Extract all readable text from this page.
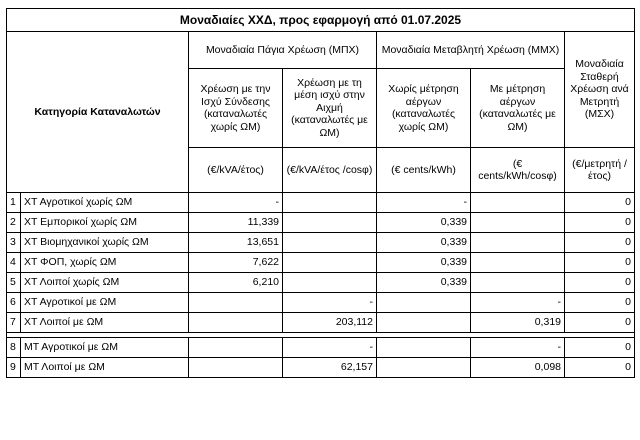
Μοναδιαίες ΧΧΔ, προς εφαρμογή από 01.07.2025						
Κατηγορία Καταναλωτών		Μοναδιαία Πάγια Χρέωση (ΜΠΧ)		Μοναδιαία Μεταβλητή Χρέωση (ΜΜΧ)		Μοναδιαία Σταθερή Χρέωση ανά Μετρητή (ΜΣΧ)
		Χρέωση με την Ισχύ Σύνδεσης (καταναλωτές χωρίς ΩΜ)	Χρέωση με τη μέση ισχύ στην Αιχμή (καταναλωτές με ΩΜ)	Χωρίς μέτρηση αέργων (καταναλωτές χωρίς ΩΜ)	Με μέτρηση αέργων (καταναλωτές με ΩΜ)	
		(€/kVA/έτος)	(€/kVA/έτος /cosφ)	(€ cents/kWh)	(€ cents/kWh/cosφ)	(€/μετρητή / έτος)
1	ΧΤ Αγροτικοί χωρίς ΩΜ	-		-		0
2	ΧΤ Εμπορικοί χωρίς ΩΜ	11,339		0,339		0
3	ΧΤ Βιομηχανικοί χωρίς ΩΜ	13,651		0,339		0
4	ΧΤ ΦΟΠ, χωρίς ΩΜ	7,622		0,339		0
5	ΧΤ Λοιποί χωρίς ΩΜ	6,210		0,339		0
6	ΧΤ Αγροτικοί με ΩΜ		-		-	0
7	ΧΤ Λοιποί με ΩΜ		203,112		0,319	0

8	ΜΤ Αγροτικοί με ΩΜ		-		-	0
9	ΜΤ Λοιποί με ΩΜ		62,157		0,098	0
